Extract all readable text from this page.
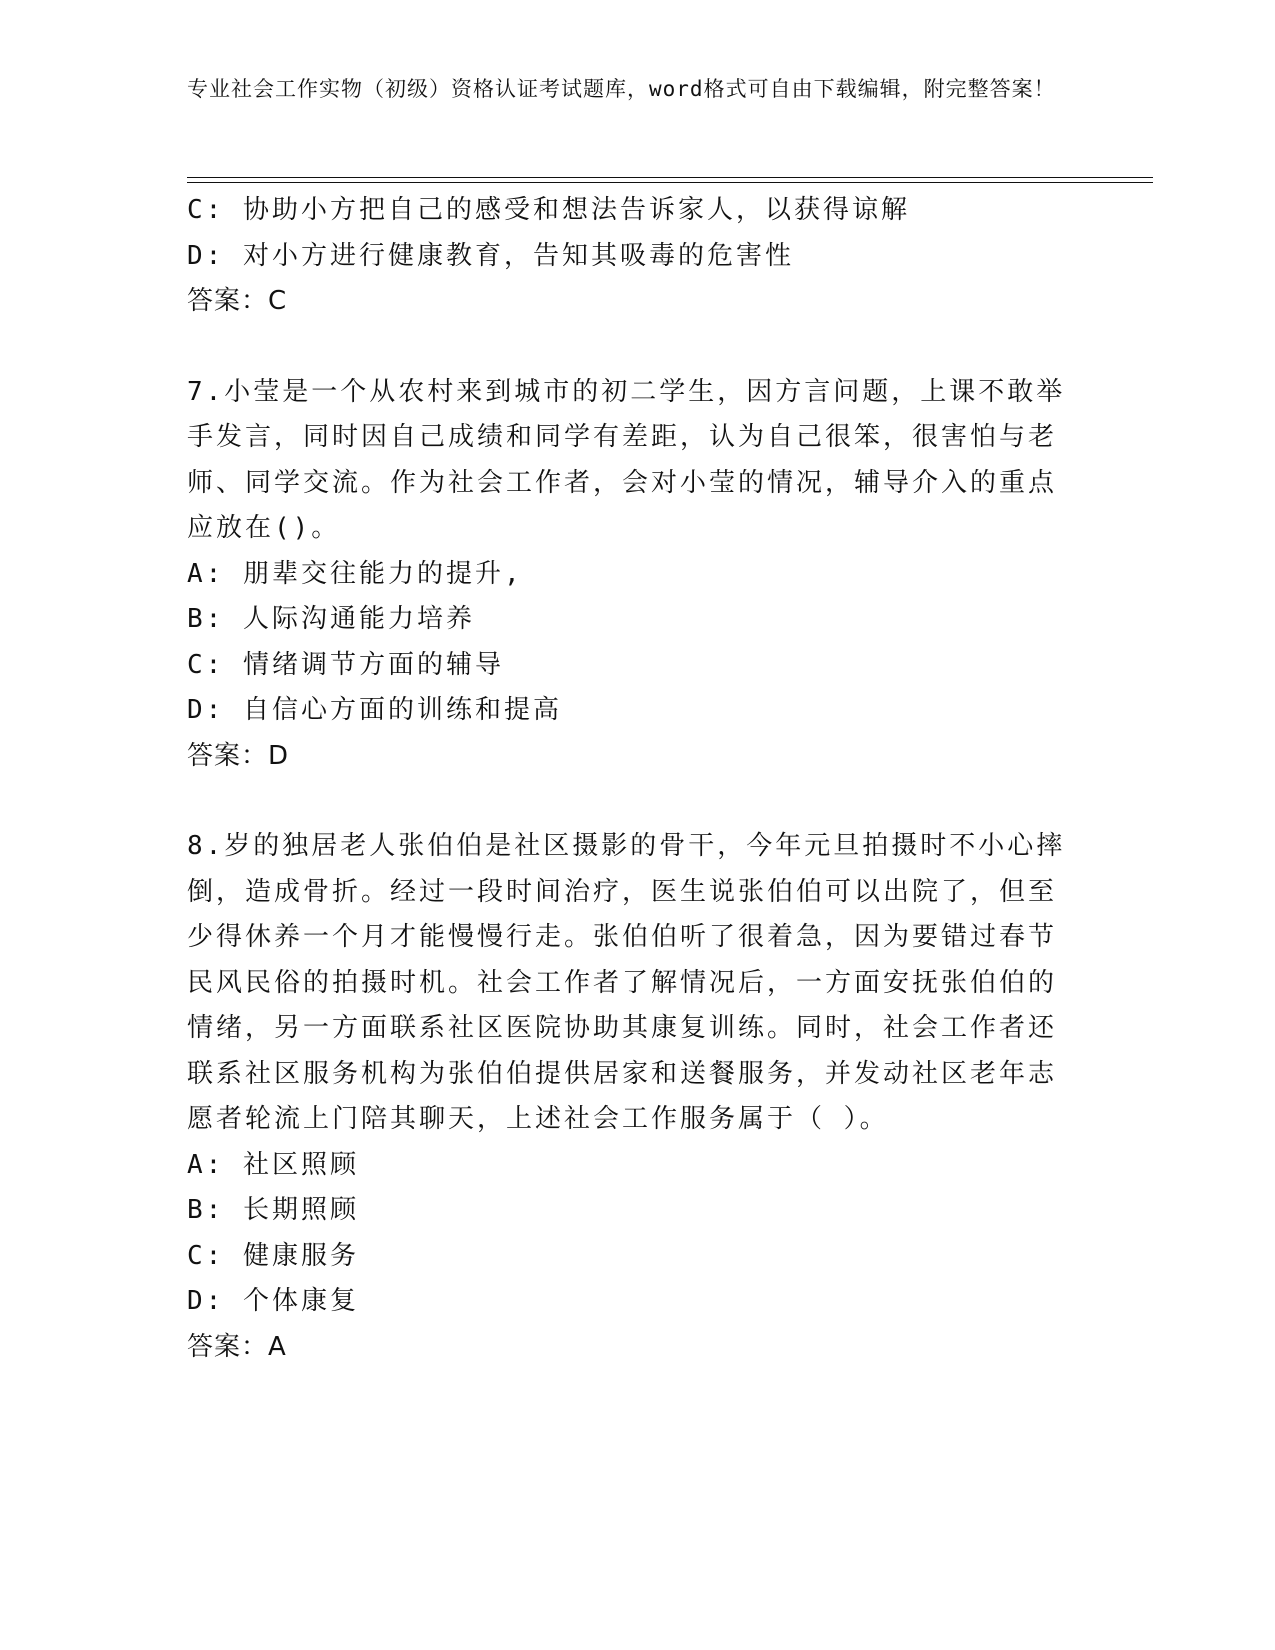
专业社会工作实物（初级）资格认证考试题库，word格式可自由下载编辑，附完整答案！
C: 协助小方把自己的感受和想法告诉家人，以获得谅解
D: 对小方进行健康教育，告知其吸毒的危害性
答案：C
7.小莹是一个从农村来到城市的初二学生，因方言问题，上课不敢举
手发言，同时因自己成绩和同学有差距，认为自己很笨，很害怕与老
师、同学交流。作为社会工作者，会对小莹的情况，辅导介入的重点
应放在()。
A: 朋辈交往能力的提升,
B: 人际沟通能力培养
C: 情绪调节方面的辅导
D: 自信心方面的训练和提高
答案：D
8.岁的独居老人张伯伯是社区摄影的骨干，今年元旦拍摄时不小心摔
倒，造成骨折。经过一段时间治疗，医生说张伯伯可以出院了，但至
少得休养一个月才能慢慢行走。张伯伯听了很着急，因为要错过春节
民风民俗的拍摄时机。社会工作者了解情况后，一方面安抚张伯伯的
情绪，另一方面联系社区医院协助其康复训练。同时，社会工作者还
联系社区服务机构为张伯伯提供居家和送餐服务，并发动社区老年志
愿者轮流上门陪其聊天，上述社会工作服务属于（ ）。
A: 社区照顾
B: 长期照顾
C: 健康服务
D: 个体康复
答案：A
